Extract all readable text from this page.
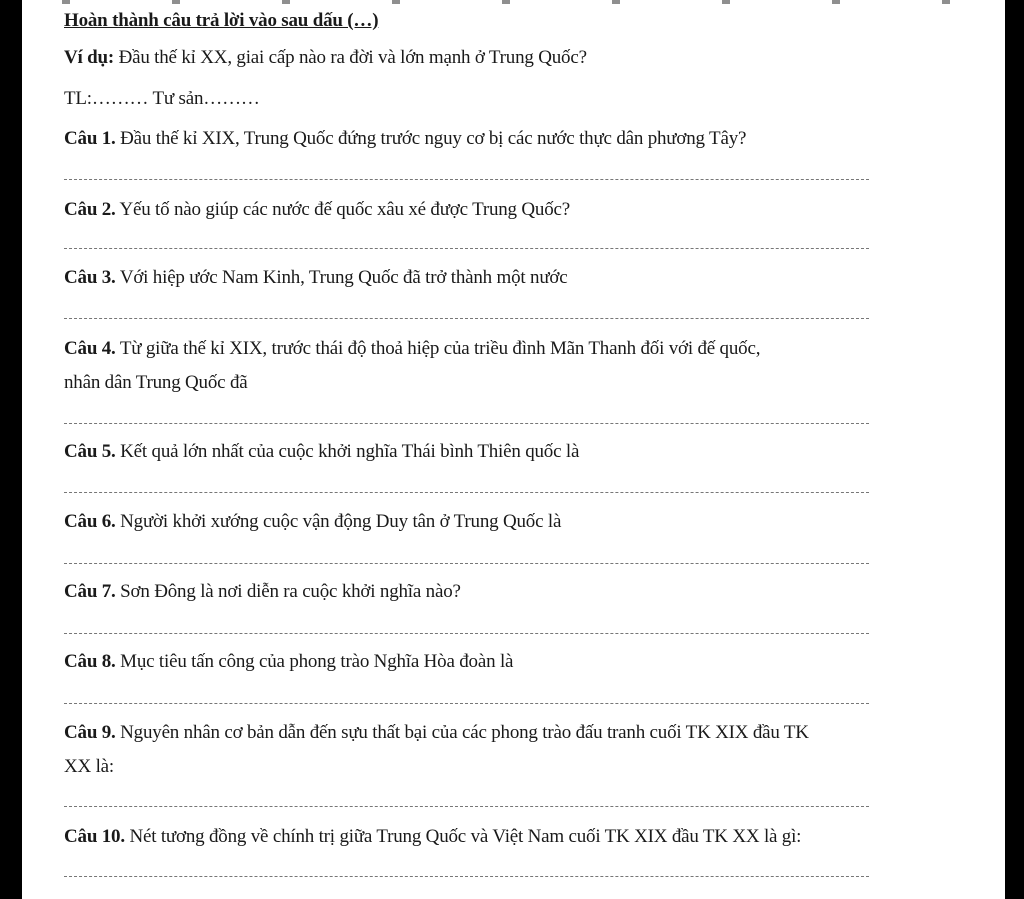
Hoàn thành câu trả lời vào sau dấu (…)
Ví dụ: Đầu thế kỉ XX, giai cấp nào ra đời và lớn mạnh ở Trung Quốc?
TL:……… Tư sản………
Câu 1. Đầu thế kỉ XIX, Trung Quốc đứng trước nguy cơ bị các nước thực dân phương Tây?
Câu 2. Yếu tố nào giúp các nước đế quốc xâu xé được Trung Quốc?
Câu 3. Với hiệp ước Nam Kinh, Trung Quốc đã trở thành một nước
Câu 4. Từ giữa thế kỉ XIX, trước thái độ thoả hiệp của triều đình Mãn Thanh đối với đế quốc,
nhân dân Trung Quốc đã
Câu 5. Kết quả lớn nhất của cuộc khởi nghĩa Thái bình Thiên quốc là
Câu 6. Người khởi xướng cuộc vận động Duy tân ở Trung Quốc là
Câu 7. Sơn Đông là nơi diễn ra cuộc khởi nghĩa nào?
Câu 8. Mục tiêu tấn công của phong trào Nghĩa Hòa đoàn là
Câu 9. Nguyên nhân cơ bản dẫn đến sựu thất bại của các phong trào đấu tranh cuối TK XIX đầu TK
XX là:
Câu 10. Nét tương đồng về chính trị giữa Trung Quốc và Việt Nam cuối TK XIX đầu TK XX là gì:
